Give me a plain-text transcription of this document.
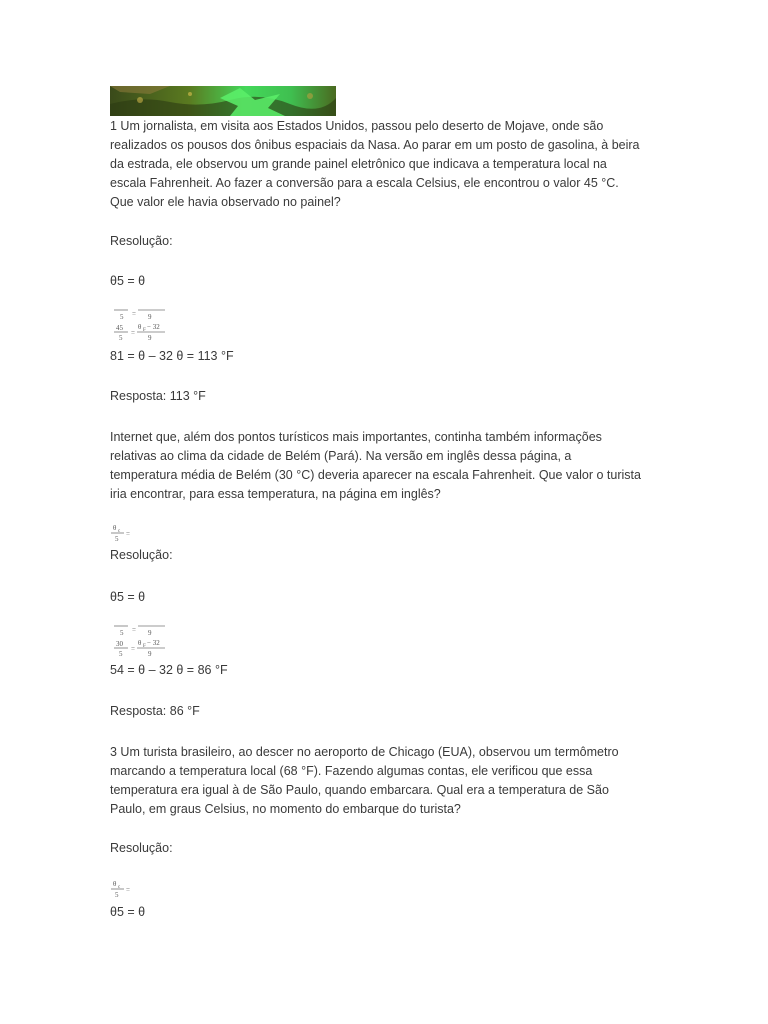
1 Um jornalista, em visita aos Estados Unidos, passou pelo deserto de Mojave, onde são
realizados os pousos dos ônibus espaciais da Nasa. Ao parar em um posto de gasolina, à beira
da estrada, ele observou um grande painel eletrônico que indicava a temperatura local na
escala Fahrenheit. Ao fazer a conversão para a escala Celsius, ele encontrou o valor 45 °C.
Que valor ele havia observado no painel?
Resolução:
θ5 = θ
5 = 9
45
5
=
θ F − 32
9
81 = θ – 32 θ = 113 °F
Resposta: 113 °F
Internet que, além dos pontos turísticos mais importantes, continha também informações
relativas ao clima da cidade de Belém (Pará). Na versão em inglês dessa página, a
temperatura média de Belém (30 °C) deveria aparecer na escala Fahrenheit. Que valor o turista
iria encontrar, para essa temperatura, na página em inglês?
θ c
5
=
Resolução:
θ5 = θ
5 = 9
30
5
=
θ F − 32
9
54 = θ – 32 θ = 86 °F
Resposta: 86 °F
3 Um turista brasileiro, ao descer no aeroporto de Chicago (EUA), observou um termômetro
marcando a temperatura local (68 °F). Fazendo algumas contas, ele verificou que essa
temperatura era igual à de São Paulo, quando embarcara. Qual era a temperatura de São
Paulo, em graus Celsius, no momento do embarque do turista?
Resolução:
θ c
5
=
θ5 = θ
